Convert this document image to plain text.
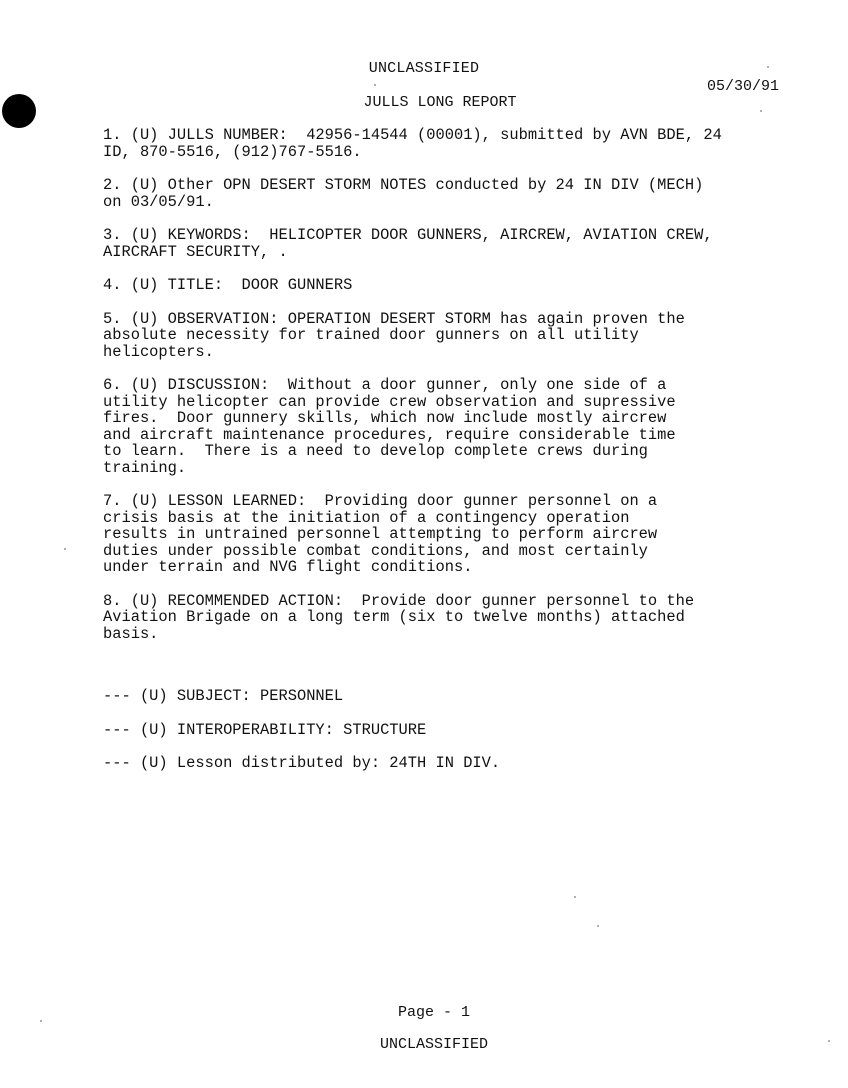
UNCLASSIFIED
05/30/91
JULLS LONG REPORT

1. (U) JULLS NUMBER:  42956-14544 (00001), submitted by AVN BDE, 24
ID, 870-5516, (912)767-5516.

2. (U) Other OPN DESERT STORM NOTES conducted by 24 IN DIV (MECH)
on 03/05/91.

3. (U) KEYWORDS:  HELICOPTER DOOR GUNNERS, AIRCREW, AVIATION CREW,
AIRCRAFT SECURITY, .

4. (U) TITLE:  DOOR GUNNERS

5. (U) OBSERVATION: OPERATION DESERT STORM has again proven the
absolute necessity for trained door gunners on all utility
helicopters.

6. (U) DISCUSSION:  Without a door gunner, only one side of a
utility helicopter can provide crew observation and supressive
fires.  Door gunnery skills, which now include mostly aircrew
and aircraft maintenance procedures, require considerable time
to learn.  There is a need to develop complete crews during
training.

7. (U) LESSON LEARNED:  Providing door gunner personnel on a
crisis basis at the initiation of a contingency operation
results in untrained personnel attempting to perform aircrew
duties under possible combat conditions, and most certainly
under terrain and NVG flight conditions.

8. (U) RECOMMENDED ACTION:  Provide door gunner personnel to the
Aviation Brigade on a long term (six to twelve months) attached
basis.

--- (U) SUBJECT: PERSONNEL
--- (U) INTEROPERABILITY: STRUCTURE
--- (U) Lesson distributed by: 24TH IN DIV.
Page - 1
UNCLASSIFIED
